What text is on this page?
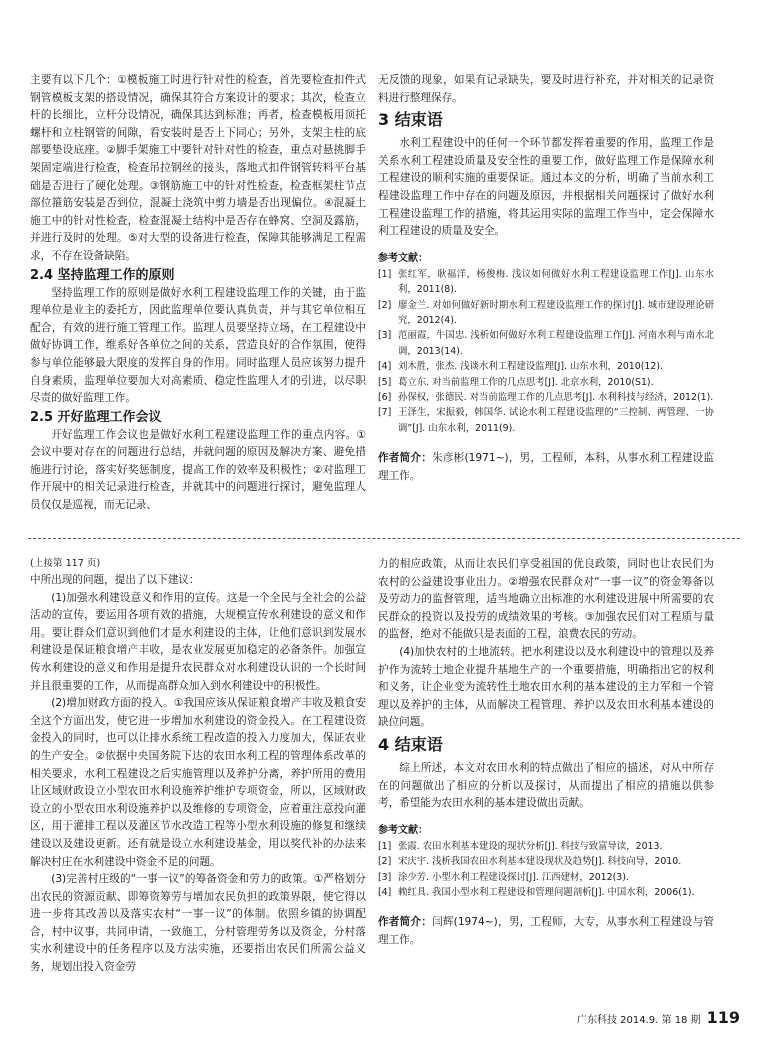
主要有以下几个：①模板施工时进行针对性的检查，首先要检查扣件式钢管模板支架的搭设情况，确保其符合方案设计的要求；其次，检查立杆的长细比，立杆分设情况，确保其达到标准；再者，检查模板用顶托螺杆和立柱钢管的间隙，看安装时是否上下同心；另外，支架主柱的底部要垫设底座。②脚手架施工中要针对针对性的检查，重点对悬挑脚手架固定端进行检查，检查吊拉钢丝的接头，落地式扣件钢管转料平台基础是否进行了硬化处理。③钢筋施工中的针对性检查，检查框架柱节点部位箍筋安装是否到位，混凝土浇筑中剪力墙是否出现偏位。④混凝土施工中的针对性检查，检查混凝土结构中是否存在蜂窝、空洞及露筋，并进行及时的处理。⑤对大型的设备进行检查，保障其能够满足工程需求，不存在设备缺陷。

2.4 坚持监理工作的原则

坚持监理工作的原则是做好水利工程建设监理工作的关键，由于监理单位是业主的委托方，因此监理单位要认真负责，并与其它单位相互配合，有效的进行施工管理工作。监理人员要坚持立场，在工程建设中做好协调工作，维系好各单位之间的关系，营造良好的合作氛围，使得参与单位能够最大限度的发挥自身的作用。同时监理人员应该努力提升自身素质，监理单位要加大对高素质、稳定性监理人才的引进，以尽职尽责的做好监理工作。

2.5 开好监理工作会议

开好监理工作会议也是做好水利工程建设监理工作的重点内容。①会议中要对存在的问题进行总结，并就问题的原因及解决方案、避免措施进行讨论，落实好奖惩制度，提高工作的效率及积极性；②对监理工作开展中的相关记录进行检查，并就其中的问题进行探讨，避免监理人员仅仅是巡视，而无记录、

无反馈的现象，如果有记录缺失，要及时进行补充，并对相关的记录资料进行整理保存。

3 结束语

水利工程建设中的任何一个环节都发挥着重要的作用，监理工作是关系水利工程建设质量及安全性的重要工作，做好监理工作是保障水利工程建设的顺利实施的重要保证。通过本文的分析，明确了当前水利工程建设监理工作中存在的问题及原因，并根据相关问题探讨了做好水利工程建设监理工作的措施，将其运用实际的监理工作当中，定会保障水利工程建设的质量及安全。

参考文献：
[1] 张红军，耿福洋，杨俊梅. 浅议如何做好水利工程建设监理工作[J]. 山东水利，2011(8).
[2] 廖金兰. 对如何做好新时期水利工程建设监理工作的探讨[J]. 城市建设理论研究，2012(4).
[3] 范丽霞，牛国忠. 浅析如何做好水利工程建设监理工作[J]. 河南水利与南水北调，2013(14).
[4] 刘木胜，张杰. 浅谈水利工程建设监理[J]. 山东水利，2010(12).
[5] 葛立东. 对当前监理工作的几点思考[J]. 北京水利，2010(S1).
[6] 孙保权，张德民. 对当前监理工作的几点思考[J]. 水利科技与经济，2012(1).
[7] 王泽生，宋振毅，韩国华. 试论水利工程建设监理的“三控制、两管理、一协调”[J]. 山东水利，2011(9).
作者简介：朱彦彬(1971~)，男，工程师，本科，从事水利工程建设监理工作。
(上接第 117 页)

中所出现的问题，提出了以下建议：

(1)加强水利建设意义和作用的宣传。这是一个全民与全社会的公益活动的宣传，要运用各项有效的措施，大规模宣传水利建设的意义和作用。要让群众们意识到他们才是水利建设的主体，让他们意识到发展水利建设是保证粮食增产丰收，是农业发展更加稳定的必备条件。加强宣传水利建设的意义和作用是提升农民群众对水利建设认识的一个长时间并且很重要的工作，从而提高群众加入到水利建设中的积极性。

(2)增加财政方面的投入。①我国应该从保证粮食增产丰收及粮食安全这个方面出发，使它进一步增加水利建设的资金投入。在工程建设资金投入的同时，也可以让排水系统工程改造的投入力度加大，保证农业的生产安全。②依据中央国务院下达的农田水利工程的管理体系改革的相关要求，水利工程建设之后实施管理以及养护分离，养护所用的费用让区域财政设立小型农田水利设施养护维护专项资金，所以，区域财政设立的小型农田水利设施养护以及维修的专项资金，应着重注意投向灌区，用于灌排工程以及灌区节水改造工程等小型水利设施的修复和继续建设以及建设更新。还有就是设立水利建设基金，用以奖代补的办法来解决村庄在水利建设中资金不足的问题。

(3)完善村庄级的“一事一议”的筹备资金和劳力的政策。①严格划分出农民的资源贡献、即筹资筹劳与增加农民负担的政策界限，使它得以进一步将其改善以及落实农村“一事一议”的体制。依照乡镇的协调配合，村中议事，共同申请，一致施工，分村管理劳务以及资金，分村落实水利建设中的任务程序以及方法实施，还要指出农民们所需公益义务，规划出投入资金劳

力的相应政策，从而让农民们享受祖国的优良政策，同时也让农民们为农村的公益建设事业出力。②增强农民群众对“一事一议”的资金筹备以及劳动力的监督管理，适当地确立出标准的水利建设进展中所需要的农民群众的投资以及投劳的成绩效果的考核。③加强农民们对工程质与量的监督，绝对不能做只是表面的工程，浪费农民的劳动。

(4)加快农村的土地流转。把水利建设以及水利建设中的管理以及养护作为流转土地企业提升基地生产的一个重要措施，明确指出它的权利和义务，让企业变为流转性土地农田水利的基本建设的主力军和一个管理以及养护的主体，从而解决工程管理、养护以及农田水利基本建设的缺位问题。

4 结束语

综上所述，本文对农田水利的特点做出了相应的描述，对从中所存在的问题做出了相应的分析以及探讨，从而提出了相应的措施以供参考，希望能为农田水利的基本建设做出贡献。

参考文献：
[1] 张霞. 农田水利基本建设的现状分析[J]. 科技与致富导读，2013.
[2] 宋庆宇. 浅析我国农田水利基本建设现状及趋势[J]. 科技向导，2010.
[3] 涂少芳. 小型水利工程建设探讨[J]. 江西建材，2012(3).
[4] 赖红具. 我国小型水利工程建设和管理问题剖析[J]. 中国水利，2006(1).
作者简介：闫辉(1974~)，男，工程师，大专，从事水利工程建设与管理工作。
广东科技 2014.9. 第 18 期 119
